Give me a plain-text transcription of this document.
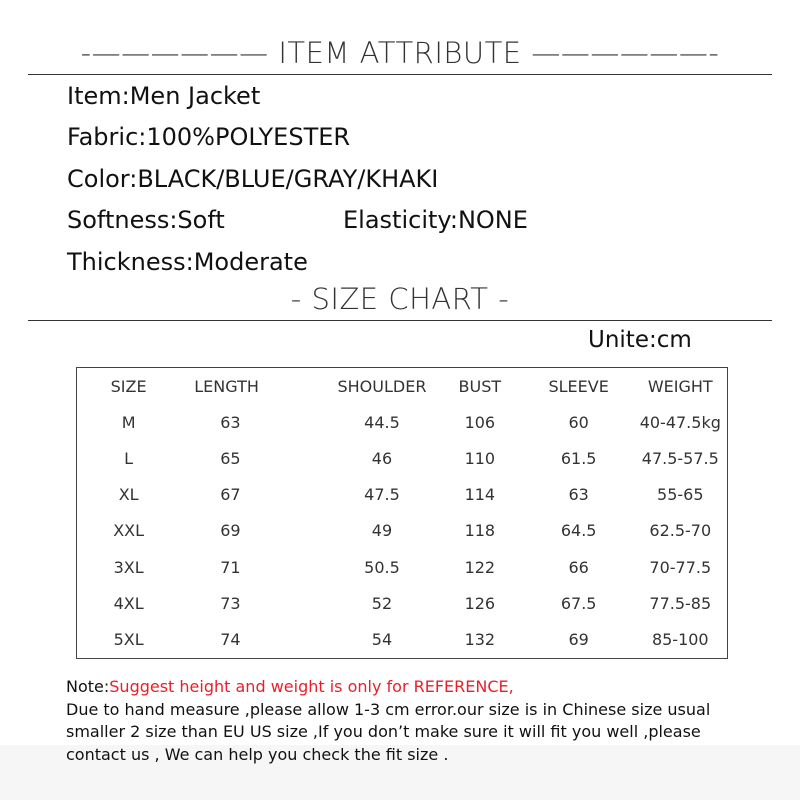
-—————— ITEM ATTRIBUTE ——————-
Item:Men Jacket
Fabric:100%POLYESTER
Color:BLACK/BLUE/GRAY/KHAKI
Softness:Soft	Elasticity:NONE
Thickness:Moderate
- SIZE CHART -
Unite:cm
SIZE	LENGTH	SHOULDER	BUST	SLEEVE	WEIGHT
M	63	44.5	106	60	40-47.5kg
L	65	46	110	61.5	47.5-57.5
XL	67	47.5	114	63	55-65
XXL	69	49	118	64.5	62.5-70
3XL	71	50.5	122	66	70-77.5
4XL	73	52	126	67.5	77.5-85
5XL	74	54	132	69	85-100
Note:Suggest height and weight is only for REFERENCE,
Due to hand measure ,please allow 1-3 cm error.our size is in Chinese size usual
smaller 2 size than EU US size ,If you don’t make sure it will fit you well ,please
contact us , We can help you check the fit size .
